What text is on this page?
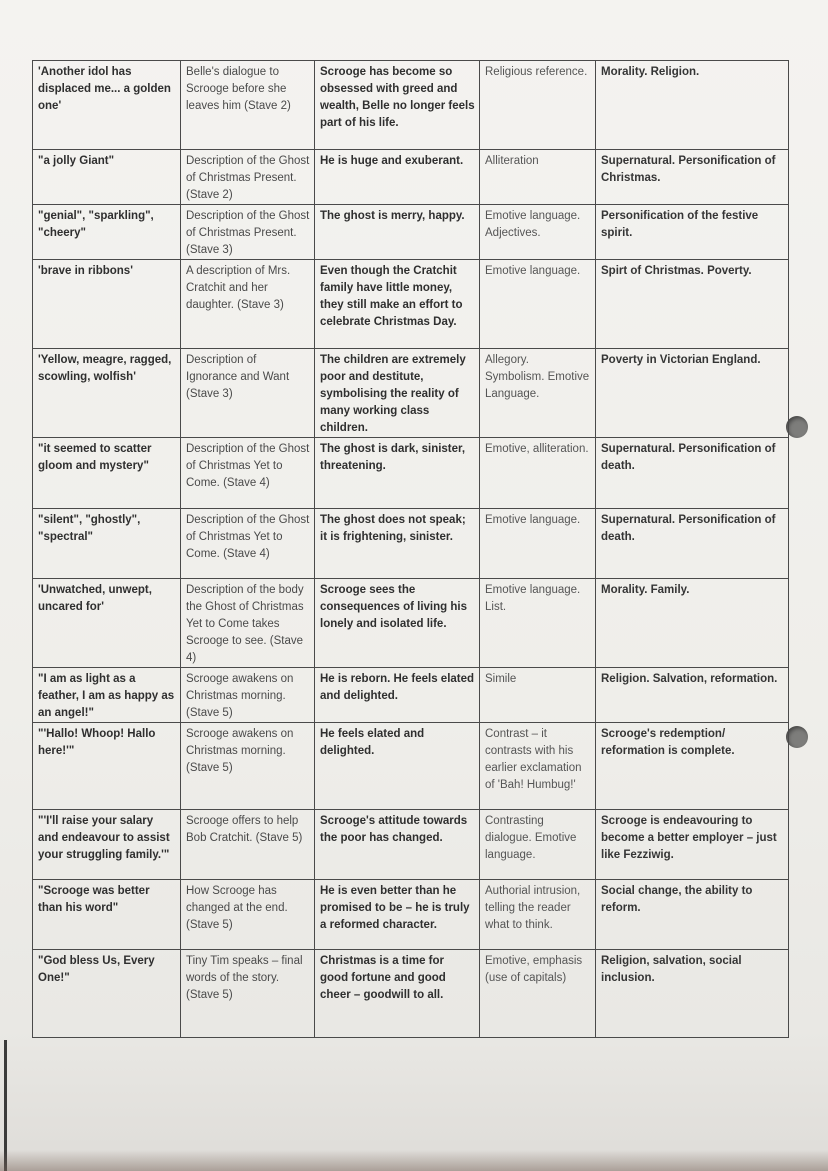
'Another idol has displaced me... a golden one'	Belle's dialogue to Scrooge before she leaves him (Stave 2)	Scrooge has become so obsessed with greed and wealth, Belle no longer feels part of his life.	Religious reference.	Morality. Religion.
"a jolly Giant"	Description of the Ghost of Christmas Present. (Stave 2)	He is huge and exuberant.	Alliteration	Supernatural. Personification of Christmas.
"genial", "sparkling", "cheery"	Description of the Ghost of Christmas Present. (Stave 3)	The ghost is merry, happy.	Emotive language. Adjectives.	Personification of the festive spirit.
'brave in ribbons'	A description of Mrs. Cratchit and her daughter. (Stave 3)	Even though the Cratchit family have little money, they still make an effort to celebrate Christmas Day.	Emotive language.	Spirt of Christmas. Poverty.
'Yellow, meagre, ragged, scowling, wolfish'	Description of Ignorance and Want (Stave 3)	The children are extremely poor and destitute, symbolising the reality of many working class children.	Allegory. Symbolism. Emotive Language.	Poverty in Victorian England.
"it seemed to scatter gloom and mystery"	Description of the Ghost of Christmas Yet to Come. (Stave 4)	The ghost is dark, sinister, threatening.	Emotive, alliteration.	Supernatural. Personification of death.
"silent", "ghostly", "spectral"	Description of the Ghost of Christmas Yet to Come. (Stave 4)	The ghost does not speak; it is frightening, sinister.	Emotive language.	Supernatural. Personification of death.
'Unwatched, unwept, uncared for'	Description of the body the Ghost of Christmas Yet to Come takes Scrooge to see. (Stave 4)	Scrooge sees the consequences of living his lonely and isolated life.	Emotive language. List.	Morality. Family.
"I am as light as a feather, I am as happy as an angel!"	Scrooge awakens on Christmas morning. (Stave 5)	He is reborn. He feels elated and delighted.	Simile	Religion. Salvation, reformation.
"'Hallo! Whoop! Hallo here!'"	Scrooge awakens on Christmas morning. (Stave 5)	He feels elated and delighted.	Contrast – it contrasts with his earlier exclamation of 'Bah! Humbug!'	Scrooge's redemption/ reformation is complete.
"'I'll raise your salary and endeavour to assist your struggling family.'"	Scrooge offers to help Bob Cratchit. (Stave 5)	Scrooge's attitude towards the poor has changed.	Contrasting dialogue. Emotive language.	Scrooge is endeavouring to become a better employer – just like Fezziwig.
"Scrooge was better than his word"	How Scrooge has changed at the end. (Stave 5)	He is even better than he promised to be – he is truly a reformed character.	Authorial intrusion, telling the reader what to think.	Social change, the ability to reform.
"God bless Us, Every One!"	Tiny Tim speaks – final words of the story. (Stave 5)	Christmas is a time for good fortune and good cheer – goodwill to all.	Emotive, emphasis (use of capitals)	Religion, salvation, social inclusion.
